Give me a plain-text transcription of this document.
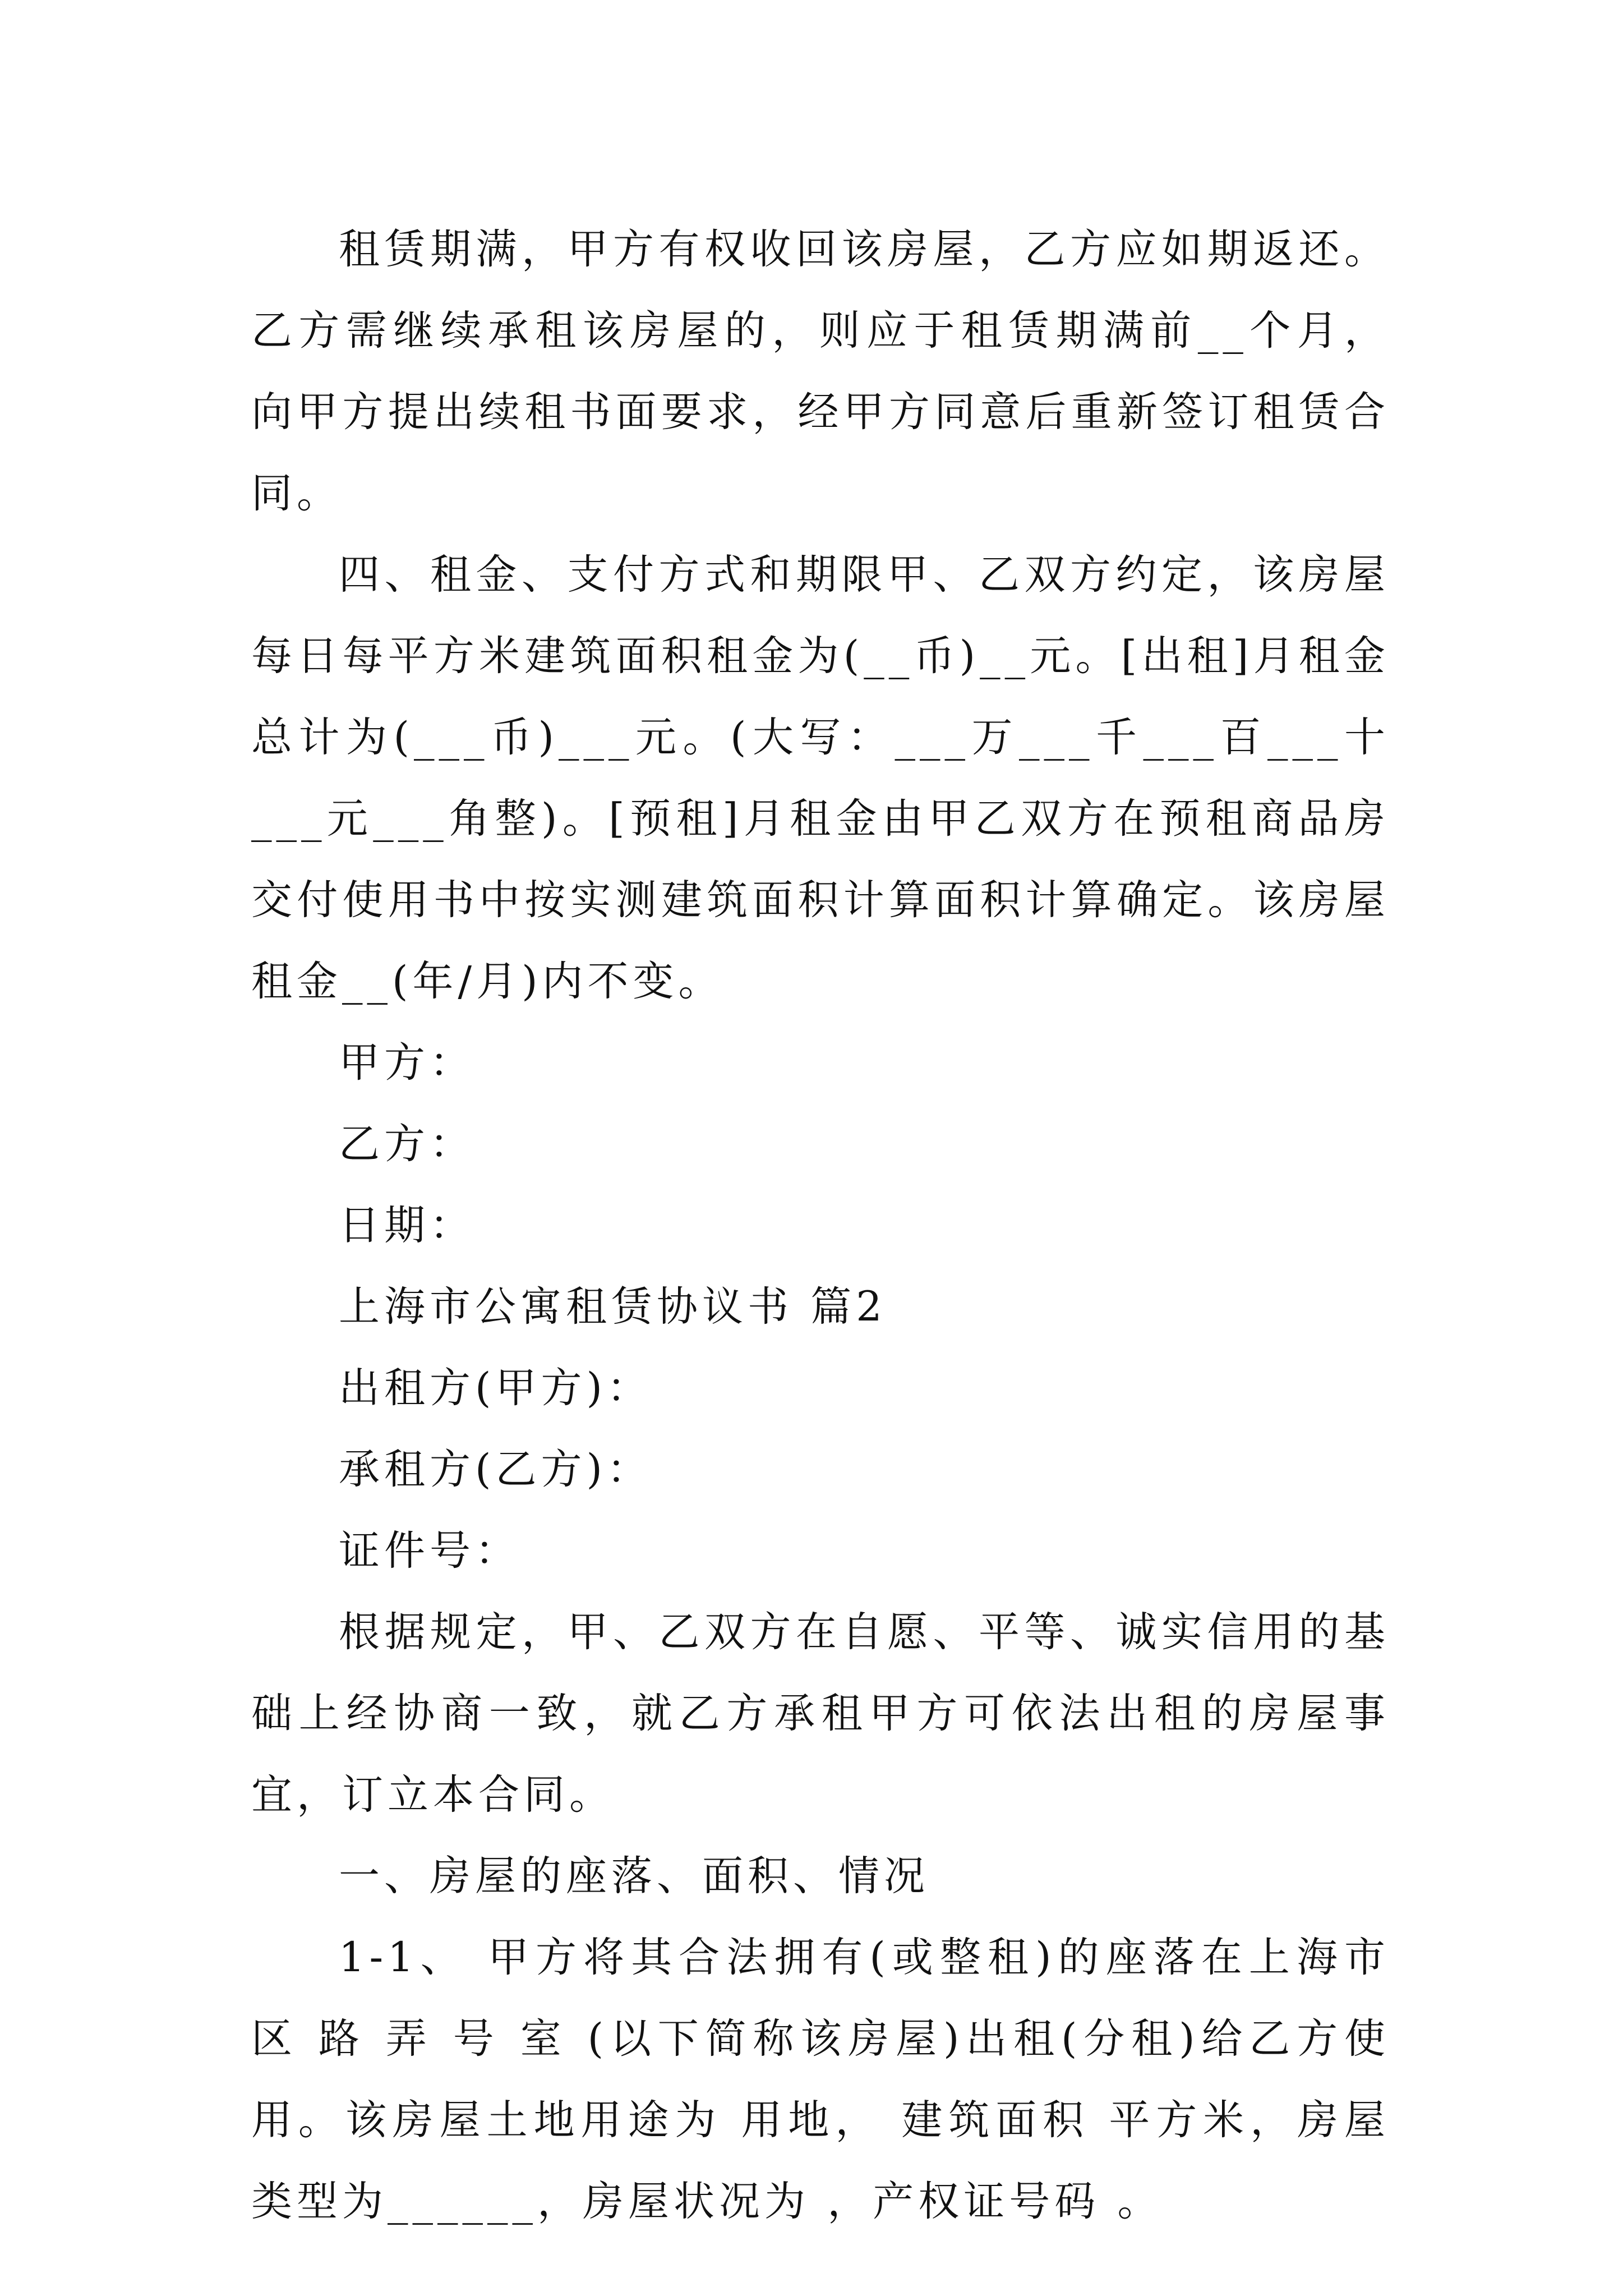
租赁期满，甲方有权收回该房屋，乙方应如期返还。乙方需继续承租该房屋的，则应于租赁期满前__个月，向甲方提出续租书面要求，经甲方同意后重新签订租赁合同。

四、租金、支付方式和期限甲、乙双方约定，该房屋每日每平方米建筑面积租金为(__币)__元。[出租]月租金总计为(___币)___元。(大写：___万___千___百___十___元___角整)。[预租]月租金由甲乙双方在预租商品房交付使用书中按实测建筑面积计算面积计算确定。该房屋租金__(年/月)内不变。

甲方：

乙方：

日期：

上海市公寓租赁协议书 篇2

出租方(甲方)：

承租方(乙方)：

证件号：

根据规定，甲、乙双方在自愿、平等、诚实信用的基础上经协商一致，就乙方承租甲方可依法出租的房屋事宜，订立本合同。

一、房屋的座落、面积、情况

1-1、 甲方将其合法拥有(或整租)的座落在上海市 区 路 弄 号 室 (以下简称该房屋)出租(分租)给乙方使用。该房屋土地用途为 用地， 建筑面积 平方米，房屋类型为______，房屋状况为 ，产权证号码 。
